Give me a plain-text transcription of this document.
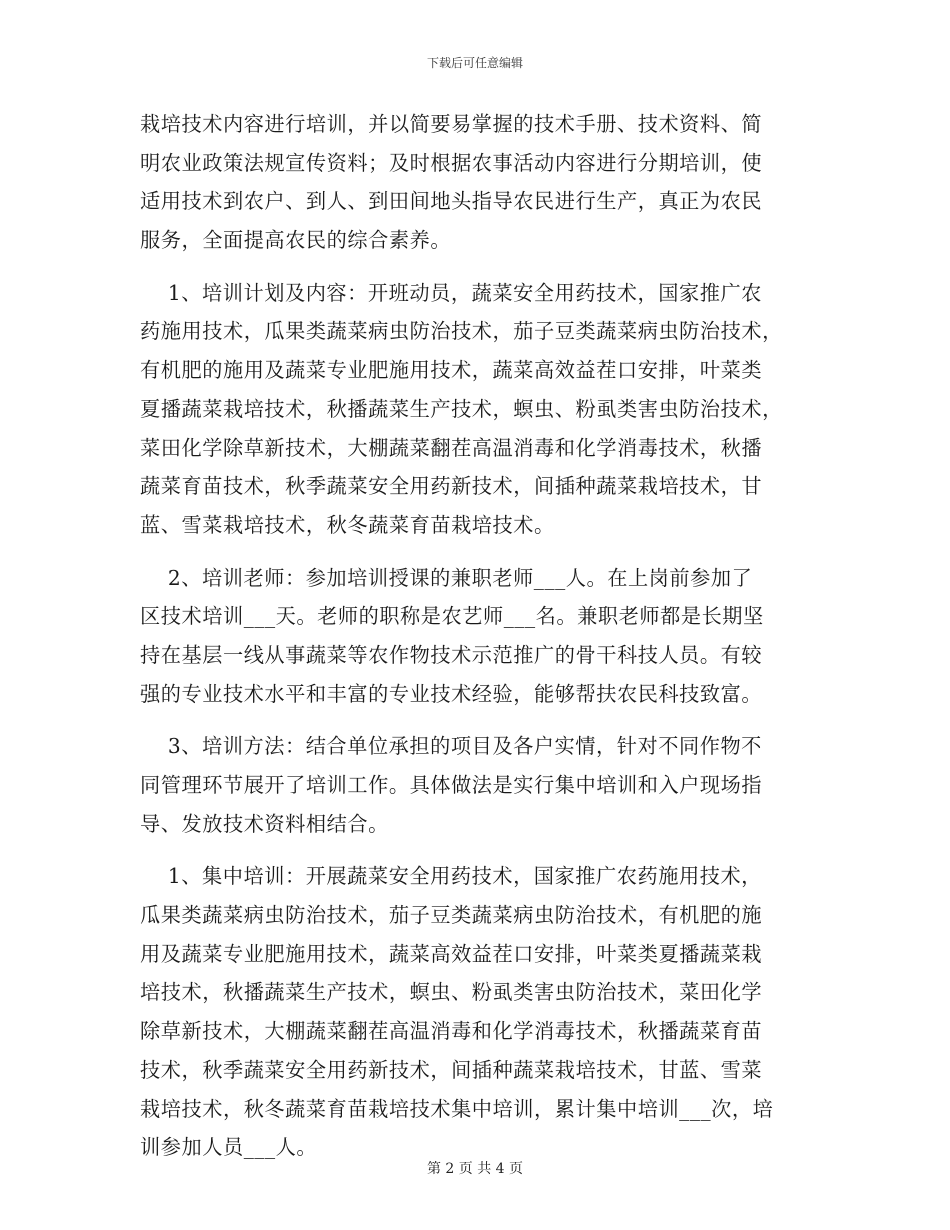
下载后可任意编辑

栽培技术内容进行培训，并以简要易掌握的技术手册、技术资料、简
明农业政策法规宣传资料；及时根据农事活动内容进行分期培训，使
适用技术到农户、到人、到田间地头指导农民进行生产，真正为农民
服务，全面提高农民的综合素养。

1、培训计划及内容：开班动员，蔬菜安全用药技术，国家推广农
药施用技术，瓜果类蔬菜病虫防治技术，茄子豆类蔬菜病虫防治技术，
有机肥的施用及蔬菜专业肥施用技术，蔬菜高效益茬口安排，叶菜类
夏播蔬菜栽培技术，秋播蔬菜生产技术，螟虫、粉虱类害虫防治技术，
菜田化学除草新技术，大棚蔬菜翻茬高温消毒和化学消毒技术，秋播
蔬菜育苗技术，秋季蔬菜安全用药新技术，间插种蔬菜栽培技术，甘
蓝、雪菜栽培技术，秋冬蔬菜育苗栽培技术。

2、培训老师：参加培训授课的兼职老师___人。在上岗前参加了
区技术培训___天。老师的职称是农艺师___名。兼职老师都是长期坚
持在基层一线从事蔬菜等农作物技术示范推广的骨干科技人员。有较
强的专业技术水平和丰富的专业技术经验，能够帮扶农民科技致富。

3、培训方法：结合单位承担的项目及各户实情，针对不同作物不
同管理环节展开了培训工作。具体做法是实行集中培训和入户现场指
导、发放技术资料相结合。

1、集中培训：开展蔬菜安全用药技术，国家推广农药施用技术，
瓜果类蔬菜病虫防治技术，茄子豆类蔬菜病虫防治技术，有机肥的施
用及蔬菜专业肥施用技术，蔬菜高效益茬口安排，叶菜类夏播蔬菜栽
培技术，秋播蔬菜生产技术，螟虫、粉虱类害虫防治技术，菜田化学
除草新技术，大棚蔬菜翻茬高温消毒和化学消毒技术，秋播蔬菜育苗
技术，秋季蔬菜安全用药新技术，间插种蔬菜栽培技术，甘蓝、雪菜
栽培技术，秋冬蔬菜育苗栽培技术集中培训，累计集中培训___次，培
训参加人员___人。

第 2 页 共 4 页
